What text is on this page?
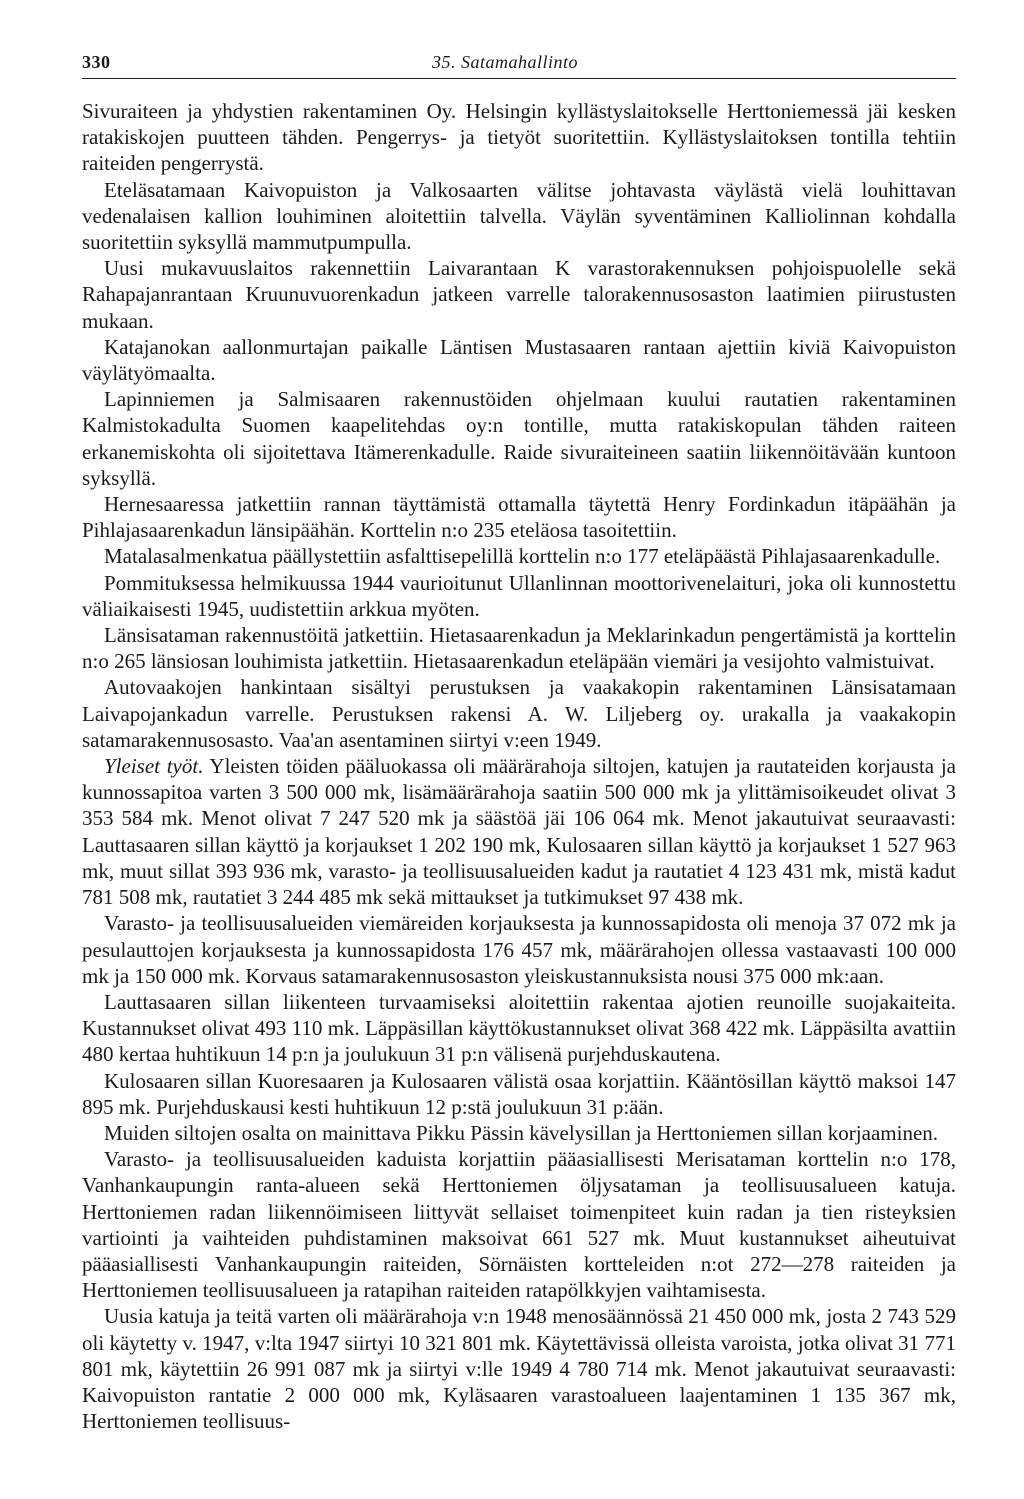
330	35. Satamahallinto

Sivuraiteen ja yhdystien rakentaminen Oy. Helsingin kyllästyslaitokselle Herttoniemessä jäi kesken ratakiskojen puutteen tähden. Pengerrys- ja tietyöt suoritettiin. Kyllästyslaitoksen tontilla tehtiin raiteiden pengerrystä.

Eteläsatamaan Kaivopuiston ja Valkosaarten välitse johtavasta väylästä vielä louhittavan vedenalaisen kallion louhiminen aloitettiin talvella. Väylän syventäminen Kalliolinnan kohdalla suoritettiin syksyllä mammutpumpulla.

Uusi mukavuuslaitos rakennettiin Laivarantaan K varastorakennuksen pohjoispuolelle sekä Rahapajanrantaan Kruunuvuorenkadun jatkeen varrelle talorakennusosaston laatimien piirustusten mukaan.

Katajanokan aallonmurtajan paikalle Läntisen Mustasaaren rantaan ajettiin kiviä Kaivopuiston väylätyömaalta.

Lapinniemen ja Salmisaaren rakennustöiden ohjelmaan kuului rautatien rakentaminen Kalmistokadulta Suomen kaapelitehdas oy:n tontille, mutta ratakiskopulan tähden raiteen erkanemiskohta oli sijoitettava Itämerenkadulle. Raide sivuraiteineen saatiin liikennöitävään kuntoon syksyllä.

Hernesaaressa jatkettiin rannan täyttämistä ottamalla täytettä Henry Fordinkadun itäpäähän ja Pihlajasaarenkadun länsipäähän. Korttelin n:o 235 eteläosa tasoitettiin.

Matalasalmenkatua päällystettiin asfalttisepelillä korttelin n:o 177 eteläpäästä Pihlajasaarenkadulle.

Pommituksessa helmikuussa 1944 vaurioitunut Ullanlinnan moottorivenelaituri, joka oli kunnostettu väliaikaisesti 1945, uudistettiin arkkua myöten.

Länsisataman rakennustöitä jatkettiin. Hietasaarenkadun ja Meklarinkadun pengertämistä ja korttelin n:o 265 länsiosan louhimista jatkettiin. Hietasaarenkadun eteläpään viemäri ja vesijohto valmistuivat.

Autovaakojen hankintaan sisältyi perustuksen ja vaakakopin rakentaminen Länsisatamaan Laivapojankadun varrelle. Perustuksen rakensi A. W. Liljeberg oy. urakalla ja vaakakopin satamarakennusosasto. Vaa'an asentaminen siirtyi v:een 1949.

Yleiset työt. Yleisten töiden pääluokassa oli määrärahoja siltojen, katujen ja rautateiden korjausta ja kunnossapitoa varten 3 500 000 mk, lisämäärärahoja saatiin 500 000 mk ja ylittämisoikeudet olivat 3 353 584 mk. Menot olivat 7 247 520 mk ja säästöä jäi 106 064 mk. Menot jakautuivat seuraavasti: Lauttasaaren sillan käyttö ja korjaukset 1 202 190 mk, Kulosaaren sillan käyttö ja korjaukset 1 527 963 mk, muut sillat 393 936 mk, varasto- ja teollisuusalueiden kadut ja rautatiet 4 123 431 mk, mistä kadut 781 508 mk, rautatiet 3 244 485 mk sekä mittaukset ja tutkimukset 97 438 mk.

Varasto- ja teollisuusalueiden viemäreiden korjauksesta ja kunnossapidosta oli menoja 37 072 mk ja pesulauttojen korjauksesta ja kunnossapidosta 176 457 mk, määrärahojen ollessa vastaavasti 100 000 mk ja 150 000 mk. Korvaus satamarakennusosaston yleiskustannuksista nousi 375 000 mk:aan.

Lauttasaaren sillan liikenteen turvaamiseksi aloitettiin rakentaa ajotien reunoille suojakaiteita. Kustannukset olivat 493 110 mk. Läppäsillan käyttökustannukset olivat 368 422 mk. Läppäsilta avattiin 480 kertaa huhtikuun 14 p:n ja joulukuun 31 p:n välisenä purjehduskautena.

Kulosaaren sillan Kuoresaaren ja Kulosaaren välistä osaa korjattiin. Kääntösillan käyttö maksoi 147 895 mk. Purjehduskausi kesti huhtikuun 12 p:stä joulukuun 31 p:ään.

Muiden siltojen osalta on mainittava Pikku Pässin kävelysillan ja Herttoniemen sillan korjaaminen.

Varasto- ja teollisuusalueiden kaduista korjattiin pääasiallisesti Merisataman korttelin n:o 178, Vanhankaupungin ranta-alueen sekä Herttoniemen öljysataman ja teollisuusalueen katuja. Herttoniemen radan liikennöimiseen liittyvät sellaiset toimenpiteet kuin radan ja tien risteyksien vartiointi ja vaihteiden puhdistaminen maksoivat 661 527 mk. Muut kustannukset aiheutuivat pääasiallisesti Vanhankaupungin raiteiden, Sörnäisten kortteleiden n:ot 272—278 raiteiden ja Herttoniemen teollisuusalueen ja ratapihan raiteiden ratapölkkyjen vaihtamisesta.

Uusia katuja ja teitä varten oli määrärahoja v:n 1948 menosäännössä 21 450 000 mk, josta 2 743 529 oli käytetty v. 1947, v:lta 1947 siirtyi 10 321 801 mk. Käytettävissä olleista varoista, jotka olivat 31 771 801 mk, käytettiin 26 991 087 mk ja siirtyi v:lle 1949 4 780 714 mk. Menot jakautuivat seuraavasti: Kaivopuiston rantatie 2 000 000 mk, Kyläsaaren varastoalueen laajentaminen 1 135 367 mk, Herttoniemen teollisuus-
